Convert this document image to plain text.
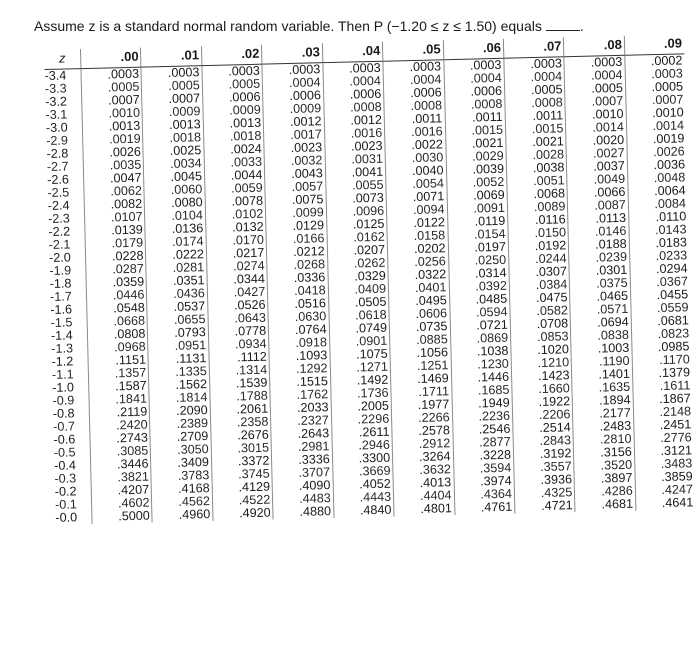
Assume z is a standard normal random variable. Then P (−1.20 ≤ z ≤ 1.50) equals	.
z	.00	.01	.02	.03	.04	.05	.06	.07	.08	.09
-3.4	.0003	.0003	.0003	.0003	.0003	.0003	.0003	.0003	.0003	.0002
-3.3	.0005	.0005	.0005	.0004	.0004	.0004	.0004	.0004	.0004	.0003
-3.2	.0007	.0007	.0006	.0006	.0006	.0006	.0006	.0005	.0005	.0005
-3.1	.0010	.0009	.0009	.0009	.0008	.0008	.0008	.0008	.0007	.0007
-3.0	.0013	.0013	.0013	.0012	.0012	.0011	.0011	.0011	.0010	.0010
-2.9	.0019	.0018	.0018	.0017	.0016	.0016	.0015	.0015	.0014	.0014
-2.8	.0026	.0025	.0024	.0023	.0023	.0022	.0021	.0021	.0020	.0019
-2.7	.0035	.0034	.0033	.0032	.0031	.0030	.0029	.0028	.0027	.0026
-2.6	.0047	.0045	.0044	.0043	.0041	.0040	.0039	.0038	.0037	.0036
-2.5	.0062	.0060	.0059	.0057	.0055	.0054	.0052	.0051	.0049	.0048
-2.4	.0082	.0080	.0078	.0075	.0073	.0071	.0069	.0068	.0066	.0064
-2.3	.0107	.0104	.0102	.0099	.0096	.0094	.0091	.0089	.0087	.0084
-2.2	.0139	.0136	.0132	.0129	.0125	.0122	.0119	.0116	.0113	.0110
-2.1	.0179	.0174	.0170	.0166	.0162	.0158	.0154	.0150	.0146	.0143
-2.0	.0228	.0222	.0217	.0212	.0207	.0202	.0197	.0192	.0188	.0183
-1.9	.0287	.0281	.0274	.0268	.0262	.0256	.0250	.0244	.0239	.0233
-1.8	.0359	.0351	.0344	.0336	.0329	.0322	.0314	.0307	.0301	.0294
-1.7	.0446	.0436	.0427	.0418	.0409	.0401	.0392	.0384	.0375	.0367
-1.6	.0548	.0537	.0526	.0516	.0505	.0495	.0485	.0475	.0465	.0455
-1.5	.0668	.0655	.0643	.0630	.0618	.0606	.0594	.0582	.0571	.0559
-1.4	.0808	.0793	.0778	.0764	.0749	.0735	.0721	.0708	.0694	.0681
-1.3	.0968	.0951	.0934	.0918	.0901	.0885	.0869	.0853	.0838	.0823
-1.2	.1151	.1131	.1112	.1093	.1075	.1056	.1038	.1020	.1003	.0985
-1.1	.1357	.1335	.1314	.1292	.1271	.1251	.1230	.1210	.1190	.1170
-1.0	.1587	.1562	.1539	.1515	.1492	.1469	.1446	.1423	.1401	.1379
-0.9	.1841	.1814	.1788	.1762	.1736	.1711	.1685	.1660	.1635	.1611
-0.8	.2119	.2090	.2061	.2033	.2005	.1977	.1949	.1922	.1894	.1867
-0.7	.2420	.2389	.2358	.2327	.2296	.2266	.2236	.2206	.2177	.2148
-0.6	.2743	.2709	.2676	.2643	.2611	.2578	.2546	.2514	.2483	.2451
-0.5	.3085	.3050	.3015	.2981	.2946	.2912	.2877	.2843	.2810	.2776
-0.4	.3446	.3409	.3372	.3336	.3300	.3264	.3228	.3192	.3156	.3121
-0.3	.3821	.3783	.3745	.3707	.3669	.3632	.3594	.3557	.3520	.3483
-0.2	.4207	.4168	.4129	.4090	.4052	.4013	.3974	.3936	.3897	.3859
-0.1	.4602	.4562	.4522	.4483	.4443	.4404	.4364	.4325	.4286	.4247
-0.0	.5000	.4960	.4920	.4880	.4840	.4801	.4761	.4721	.4681	.4641
